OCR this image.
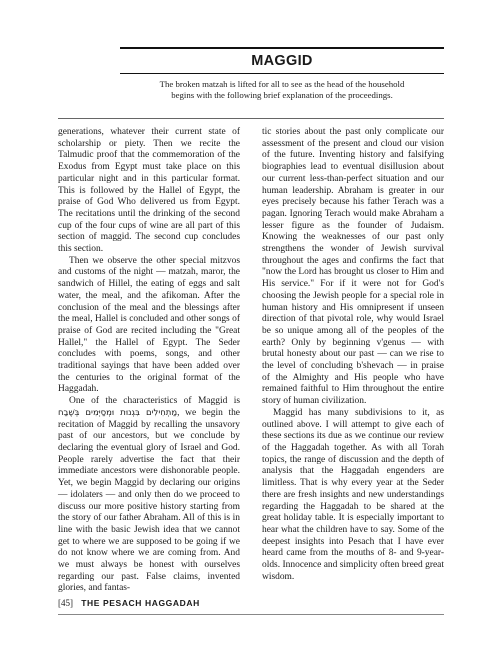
MAGGID
The broken matzah is lifted for all to see as the head of the household
begins with the following brief explanation of the proceedings.

generations, whatever their current state of scholarship or piety. Then we recite the Talmudic proof that the commemoration of the Exodus from Egypt must take place on this particular night and in this particular format. This is followed by the Hallel of Egypt, the praise of God Who delivered us from Egypt. The recitations until the drinking of the second cup of the four cups of wine are all part of this section of maggid. The second cup concludes this section.

Then we observe the other special mitzvos and customs of the night — matzah, maror, the sandwich of Hillel, the eating of eggs and salt water, the meal, and the afikoman. After the conclusion of the meal and the blessings after the meal, Hallel is concluded and other songs of praise of God are recited including the "Great Hallel," the Hallel of Egypt. The Seder concludes with poems, songs, and other traditional sayings that have been added over the centuries to the original format of the Haggadah.

One of the characteristics of Maggid is מַתְחִילִים בִּגְנוּת וּמְסַיְּמִים בְּשֶׁבַח, we begin the recitation of Maggid by recalling the unsavory past of our ancestors, but we conclude by declaring the eventual glory of Israel and God. People rarely advertise the fact that their immediate ancestors were dishonorable people. Yet, we begin Maggid by declaring our origins — idolaters — and only then do we proceed to discuss our more positive history starting from the story of our father Abraham. All of this is in line with the basic Jewish idea that we cannot get to where we are supposed to be going if we do not know where we are coming from. And we must always be honest with ourselves regarding our past. False claims, invented glories, and fantas-

tic stories about the past only complicate our assessment of the present and cloud our vision of the future. Inventing history and falsifying biographies lead to eventual disillusion about our current less-than-perfect situation and our human leadership. Abraham is greater in our eyes precisely because his father Terach was a pagan. Ignoring Terach would make Abraham a lesser figure as the founder of Judaism. Knowing the weaknesses of our past only strengthens the wonder of Jewish survival throughout the ages and confirms the fact that "now the Lord has brought us closer to Him and His service." For if it were not for God's choosing the Jewish people for a special role in human history and His omnipresent if unseen direction of that pivotal role, why would Israel be so unique among all of the peoples of the earth? Only by beginning v'genus — with brutal honesty about our past — can we rise to the level of concluding b'shevach — in praise of the Almighty and His people who have remained faithful to Him throughout the entire story of human civilization.

Maggid has many subdivisions to it, as outlined above. I will attempt to give each of these sections its due as we continue our review of the Haggadah together. As with all Torah topics, the range of discussion and the depth of analysis that the Haggadah engenders are limitless. That is why every year at the Seder there are fresh insights and new understandings regarding the Haggadah to be shared at the great holiday table. It is especially important to hear what the children have to say. Some of the deepest insights into Pesach that I have ever heard came from the mouths of 8- and 9-year-olds. Innocence and simplicity often breed great wisdom.

[45] THE PESACH HAGGADAH
